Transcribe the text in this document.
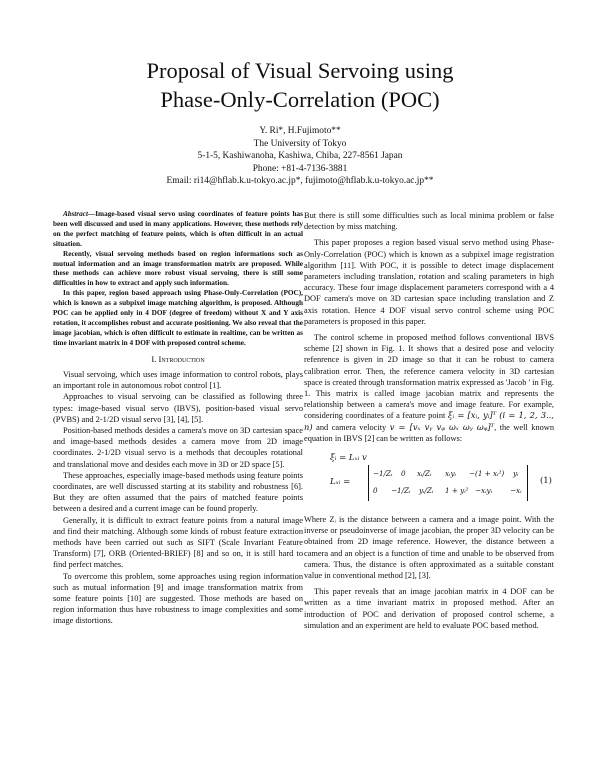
Proposal of Visual Servoing using
Phase-Only-Correlation (POC)
Y. Ri*, H.Fujimoto**
The University of Tokyo
5-1-5, Kashiwanoha, Kashiwa, Chiba, 227-8561 Japan
Phone: +81-4-7136-3881
Email: ri14@hflab.k.u-tokyo.ac.jp*, fujimoto@hflab.k.u-tokyo.ac.jp**

Abstract—Image-based visual servo using coordinates of feature points has been well discussed and used in many applications. However, these methods rely on the perfect matching of feature points, which is often difficult in an actual situation.

Recently, visual servoing methods based on region informations such as mutual information and an image transformation matrix are proposed. While these methods can achieve more robust visual servoing, there is still some difficulties in how to extract and apply such information.

In this paper, region based approach using Phase-Only-Correlation (POC), which is known as a subpixel image matching algorithm, is proposed. Although POC can be applied only in 4 DOF (degree of freedom) without X and Y axis rotation, it accomplishes robust and accurate positioning. We also reveal that the image jacobian, which is often difficult to estimate in realtime, can be written as time invariant matrix in 4 DOF with proposed control scheme.

I. Introduction

Visual servoing, which uses image information to control robots, plays an important role in autonomous robot control [1].

Approaches to visual servoing can be classified as following three types: image-based visual servo (IBVS), position-based visual servo (PVBS) and 2-1/2D visual servo [3], [4], [5].

Position-based methods desides a camera's move on 3D cartesian space and image-based methods desides a camera move from 2D image coordinates. 2-1/2D visual servo is a methods that decouples rotational and translational move and desides each move in 3D or 2D space [5].

These approaches, especially image-based methods using feature points coordinates, are well discussed starting at its stability and robustness [6]. But they are often assumed that the pairs of matched feature points between a desired and a current image can be found properly.

Generally, it is difficult to extract feature points from a natural image and find their matching. Although some kinds of robust feature extraction methods have been carried out such as SIFT (Scale Invariant Feature Transform) [7], ORB (Oriented-BRIEF) [8] and so on, it is still hard to find perfect matches.

To overcome this problem, some approaches using region information such as mutual information [9] and image transformation matrix from some feature points [10] are suggested. Those methods are based on region information thus have robustness to image complexities and some image distortions.

But there is still some difficulties such as local minima problem or false detection by miss matching.

This paper proposes a region based visual servo method using Phase-Only-Correlation (POC) which is known as a subpixel image registration algorithm [11]. With POC, it is possible to detect image displacement parameters including translation, rotation and scaling parameters in high accuracy. These four image displacement parameters correspond with a 4 DOF camera's move on 3D cartesian space including translation and Z axis rotation. Hence 4 DOF visual servo control scheme using POC parameters is proposed in this paper.

The control scheme in proposed method follows conventional IBVS scheme [2] shown in Fig. 1. It shows that a desired pose and velocity refenrence is given in 2D image so that it can be robust to camera calibration error. Then, the reference camera velocity in 3D cartesian space is created through transformation matrix expressed as 'Jacob ' in Fig. 1. This matrix is called image jacobian matrix and represents the relationship between a camera's move and image feature. For example, considering coordinates of a feature point ξᵢ = [xᵢ, yᵢ]ᵀ (i = 1, 2, 3.., n) and camera velocity v = [vₓ vᵧ vᵩ ωₓ ωᵧ ωᵩ]ᵀ, the well known equation in IBVS [2] can be written as follows:

ξ̇ᵢ = Lₓᵢ v
Lₓᵢ =
−1/Zᵢ 0 xᵢ/Zᵢ xᵢyᵢ −(1 + xᵢ²) yᵢ
0 −1/Zᵢ yᵢ/Zᵢ 1 + yᵢ² −xᵢyᵢ −xᵢ
(1)

Where Zᵢ is the distance between a camera and a image point. With the inverse or pseudoinverse of image jacobian, the proper 3D velocity can be obtained from 2D image reference. However, the distance between a camera and an object is a function of time and unable to be observed from camera. Thus, the distance is often approximated as a suitable constant value in conventional method [2], [3].

This paper reveals that an image jacobian matrix in 4 DOF can be written as a time invariant matrix in proposed method. After an introduction of POC and derivation of proposed control scheme, a simulation and an experiment are held to evaluate POC based method.
